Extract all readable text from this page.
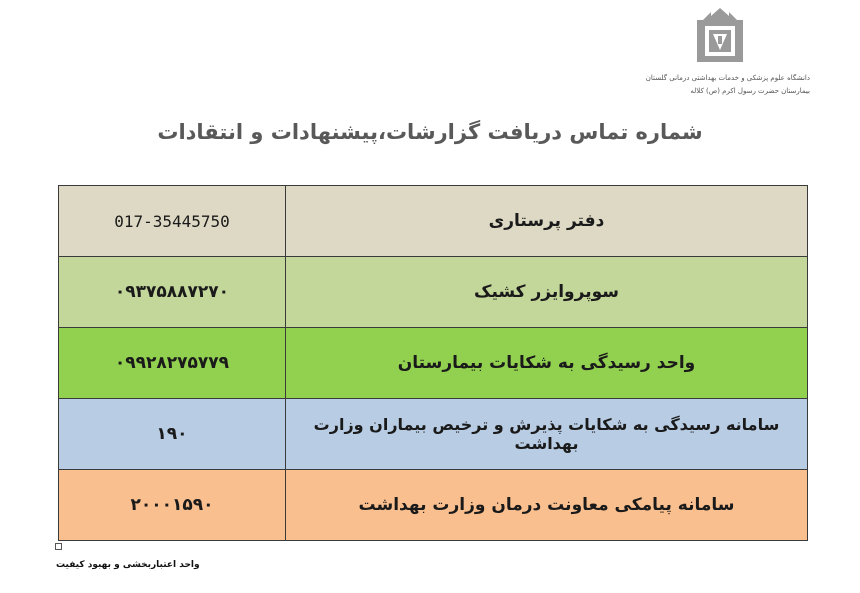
دانشگاه علوم پزشکی و خدمات بهداشتی درمانی گلستان
بیمارستان حضرت رسول اکرم (ص) کلاله
شماره تماس دریافت گزارشات،پیشنهادات و انتقادات
017-35445750	دفتر پرستاری
۰۹۳۷۵۸۸۷۲۷۰	سوپروایزر کشیک
۰۹۹۲۸۲۷۵۷۷۹	واحد رسیدگی به شکایات بیمارستان
۱۹۰	سامانه رسیدگی به شکایات پذیرش و ترخیص بیماران وزارت بهداشت
۲۰۰۰۱۵۹۰	سامانه پیامکی معاونت درمان وزارت بهداشت
واحد اعتباربخشی و بهبود کیفیت
